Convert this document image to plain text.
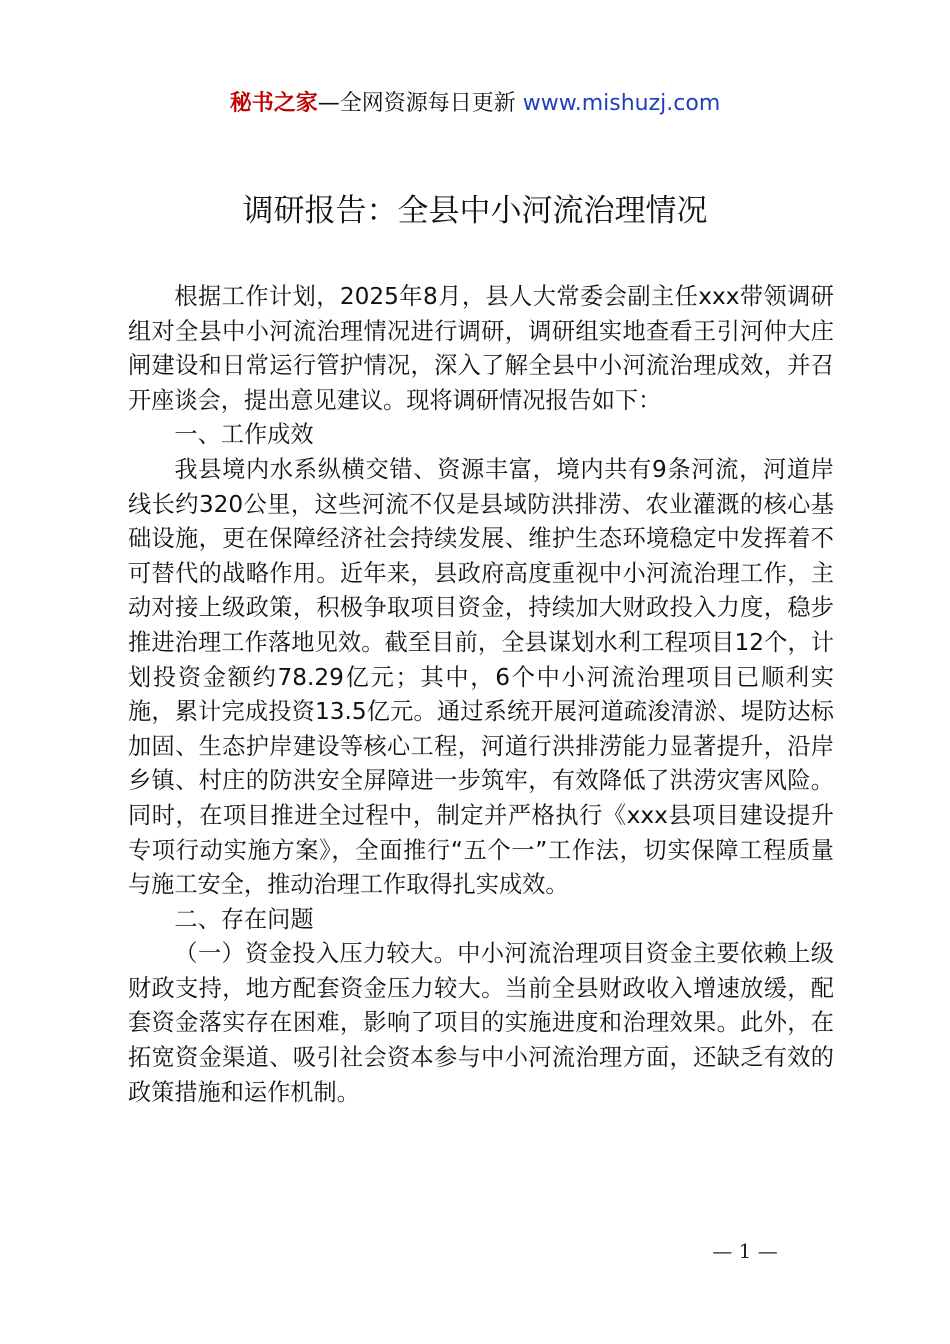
秘书之家—全网资源每日更新 www.mishuzj.com
调研报告：全县中小河流治理情况

根据工作计划，2025年8月，县人大常委会副主任xxx带领调研组对全县中小河流治理情况进行调研，调研组实地查看王引河仲大庄闸建设和日常运行管护情况，深入了解全县中小河流治理成效，并召开座谈会，提出意见建议。现将调研情况报告如下：

一、工作成效

我县境内水系纵横交错、资源丰富，境内共有9条河流，河道岸线长约320公里，这些河流不仅是县域防洪排涝、农业灌溉的核心基础设施，更在保障经济社会持续发展、维护生态环境稳定中发挥着不可替代的战略作用。近年来，县政府高度重视中小河流治理工作，主动对接上级政策，积极争取项目资金，持续加大财政投入力度，稳步推进治理工作落地见效。截至目前，全县谋划水利工程项目12个，计划投资金额约78.29亿元；其中，6个中小河流治理项目已顺利实施，累计完成投资13.5亿元。通过系统开展河道疏浚清淤、堤防达标加固、生态护岸建设等核心工程，河道行洪排涝能力显著提升，沿岸乡镇、村庄的防洪安全屏障进一步筑牢，有效降低了洪涝灾害风险。同时，在项目推进全过程中，制定并严格执行《xxx县项目建设提升专项行动实施方案》，全面推行“五个一”工作法，切实保障工程质量与施工安全，推动治理工作取得扎实成效。

二、存在问题

（一）资金投入压力较大。中小河流治理项目资金主要依赖上级财政支持，地方配套资金压力较大。当前全县财政收入增速放缓，配套资金落实存在困难，影响了项目的实施进度和治理效果。此外，在拓宽资金渠道、吸引社会资本参与中小河流治理方面，还缺乏有效的政策措施和运作机制。

— 1 —
